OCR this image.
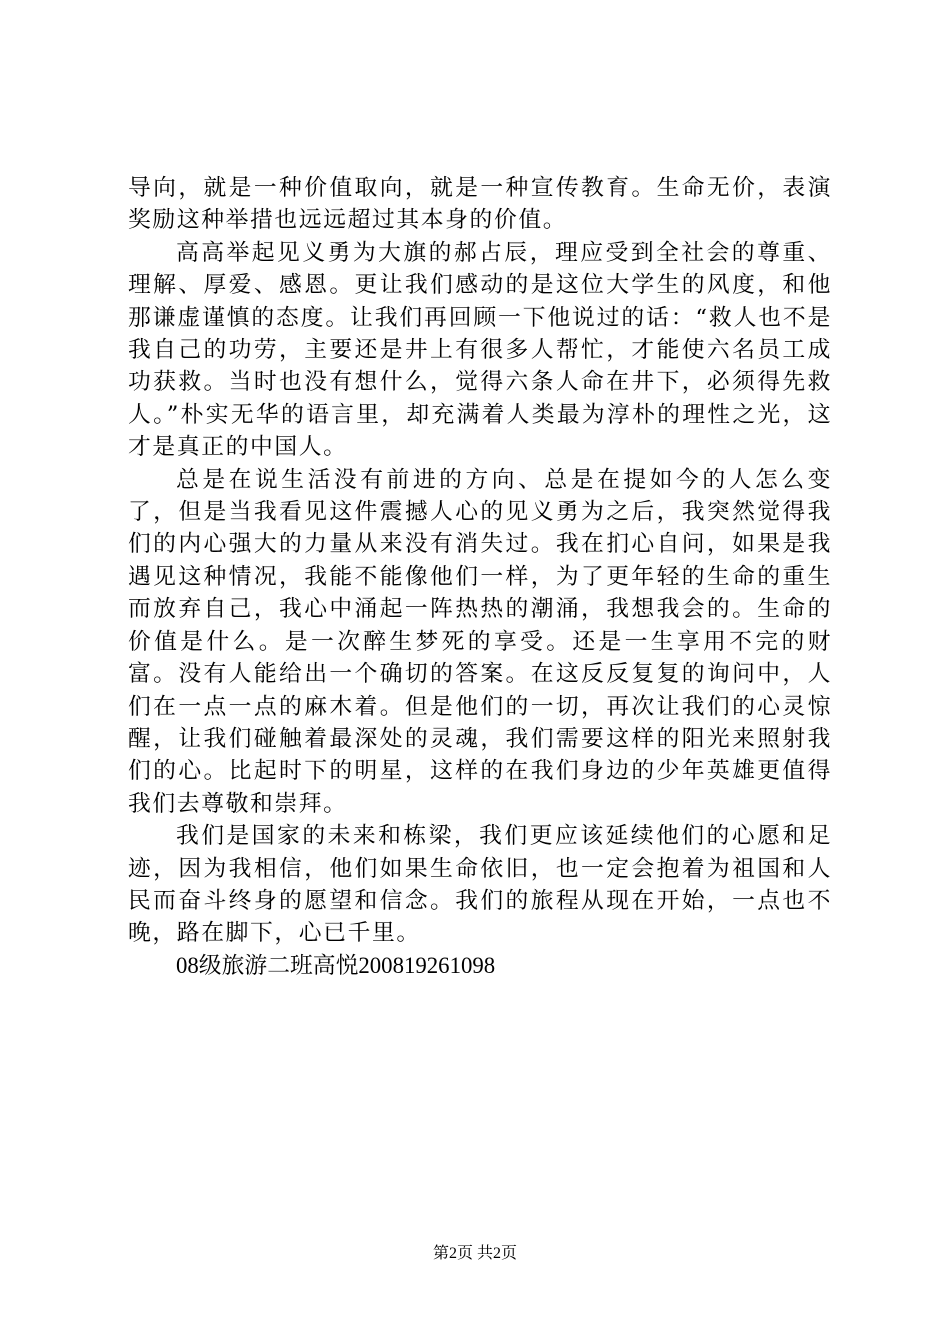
导向，就是一种价值取向，就是一种宣传教育。生命无价，表演奖励这种举措也远远超过其本身的价值。

高高举起见义勇为大旗的郝占辰，理应受到全社会的尊重、理解、厚爱、感恩。更让我们感动的是这位大学生的风度，和他那谦虚谨慎的态度。让我们再回顾一下他说过的话：“救人也不是我自己的功劳，主要还是井上有很多人帮忙，才能使六名员工成功获救。当时也没有想什么，觉得六条人命在井下，必须得先救人。”朴实无华的语言里，却充满着人类最为淳朴的理性之光，这才是真正的中国人。

总是在说生活没有前进的方向、总是在提如今的人怎么变了，但是当我看见这件震撼人心的见义勇为之后，我突然觉得我们的内心强大的力量从来没有消失过。我在扪心自问，如果是我遇见这种情况，我能不能像他们一样，为了更年轻的生命的重生而放弃自己，我心中涌起一阵热热的潮涌，我想我会的。生命的价值是什么。是一次醉生梦死的享受。还是一生享用不完的财富。没有人能给出一个确切的答案。在这反反复复的询问中，人们在一点一点的麻木着。但是他们的一切，再次让我们的心灵惊醒，让我们碰触着最深处的灵魂，我们需要这样的阳光来照射我们的心。比起时下的明星，这样的在我们身边的少年英雄更值得我们去尊敬和崇拜。

我们是国家的未来和栋梁，我们更应该延续他们的心愿和足迹，因为我相信，他们如果生命依旧，也一定会抱着为祖国和人民而奋斗终身的愿望和信念。我们的旅程从现在开始，一点也不晚，路在脚下，心已千里。

08级旅游二班高悦200819261098

第2页 共2页
